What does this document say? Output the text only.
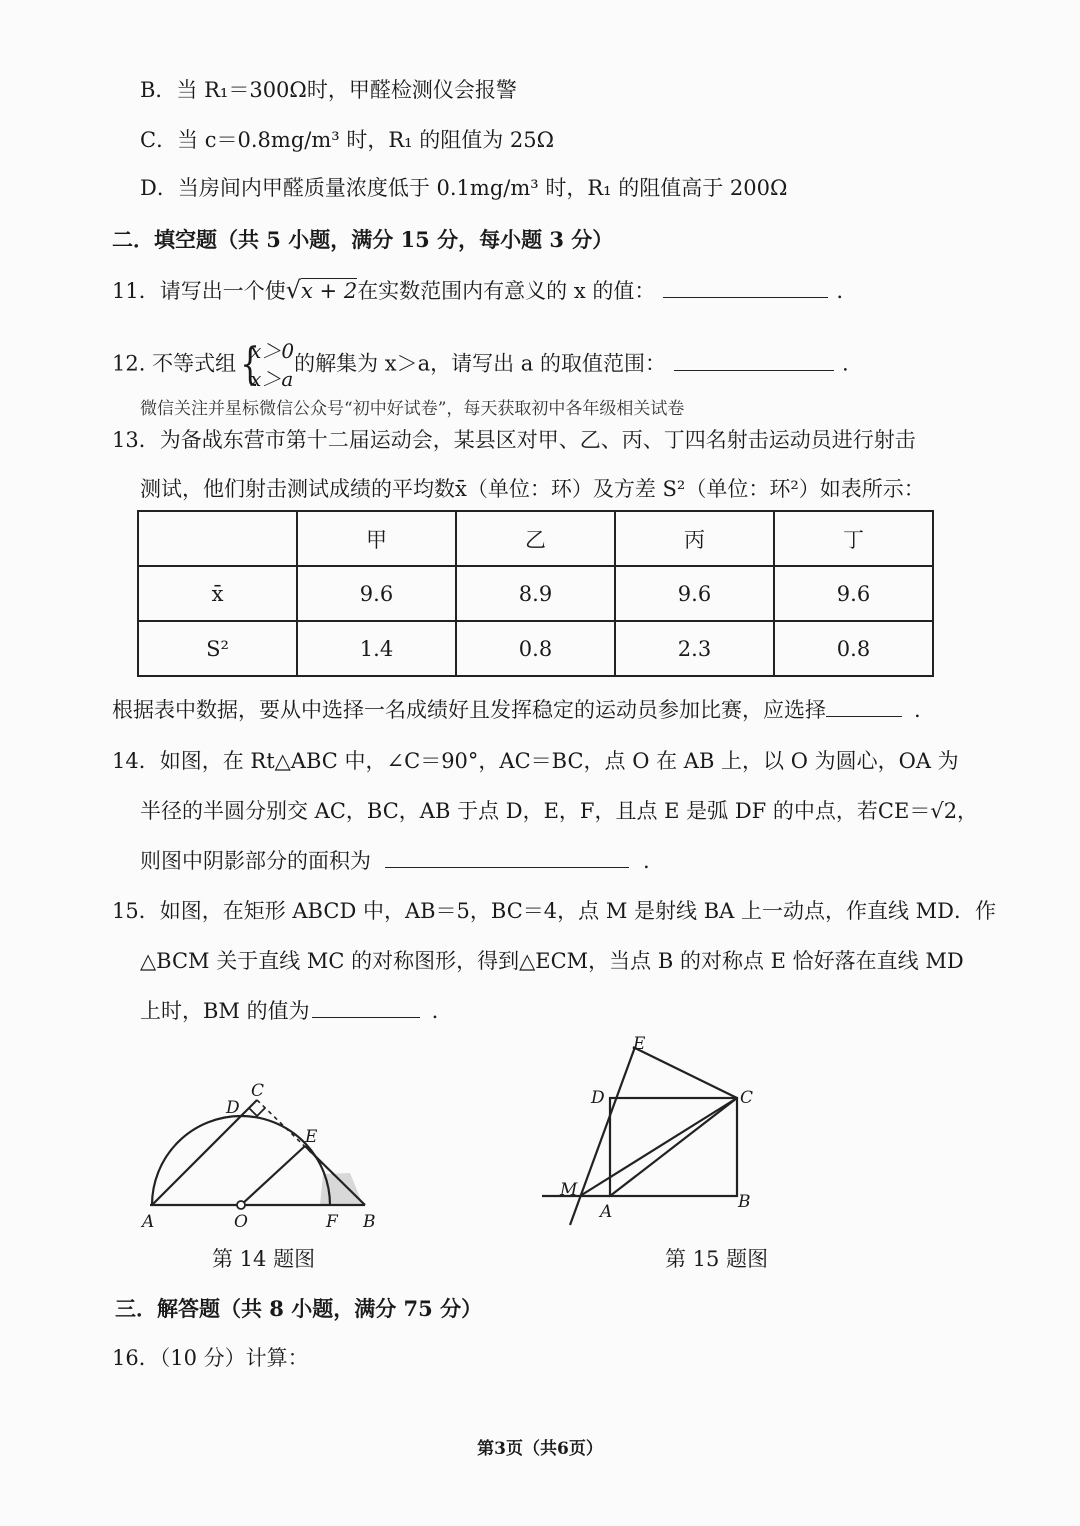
B．当 R₁＝300Ω时，甲醛检测仪会报警
C．当 c＝0.8mg/m³ 时，R₁ 的阻值为 25Ω
D．当房间内甲醛质量浓度低于 0.1mg/m³ 时，R₁ 的阻值高于 200Ω
二．填空题（共 5 小题，满分 15 分，每小题 3 分）
11．请写出一个使√x + 2在实数范围内有意义的 x 的值：	.
12. 不等式组 {
x＞0
x＞a
的解集为 x＞a，请写出 a 的取值范围：	.
微信关注并星标微信公众号“初中好试卷”，每天获取初中各年级相关试卷
13．为备战东营市第十二届运动会，某县区对甲、乙、丙、丁四名射击运动员进行射击
测试，他们射击测试成绩的平均数x̄（单位：环）及方差 S²（单位：环²）如表所示：
	甲	乙	丙	丁
x̄	9.6	8.9	9.6	9.6
S²	1.4	0.8	2.3	0.8
根据表中数据，要从中选择一名成绩好且发挥稳定的运动员参加比赛，应选择	.
14．如图，在 Rt△ABC 中，∠C＝90°，AC＝BC，点 O 在 AB 上，以 O 为圆心，OA 为
半径的半圆分别交 AC，BC，AB 于点 D，E，F，且点 E 是弧 DF 的中点，若CE＝√2，
则图中阴影部分的面积为	.
15．如图，在矩形 ABCD 中，AB＝5，BC＝4，点 M 是射线 BA 上一动点，作直线 MD．作
△BCM 关于直线 MC 的对称图形，得到△ECM，当点 B 的对称点 E 恰好落在直线 MD
上时，BM 的值为	.
C
D
E
A	O	F B
第 14 题图
E
D	C
M
A	B
第 15 题图
三．解答题（共 8 小题，满分 75 分）
16．（10 分）计算：
第3页（共6页）
